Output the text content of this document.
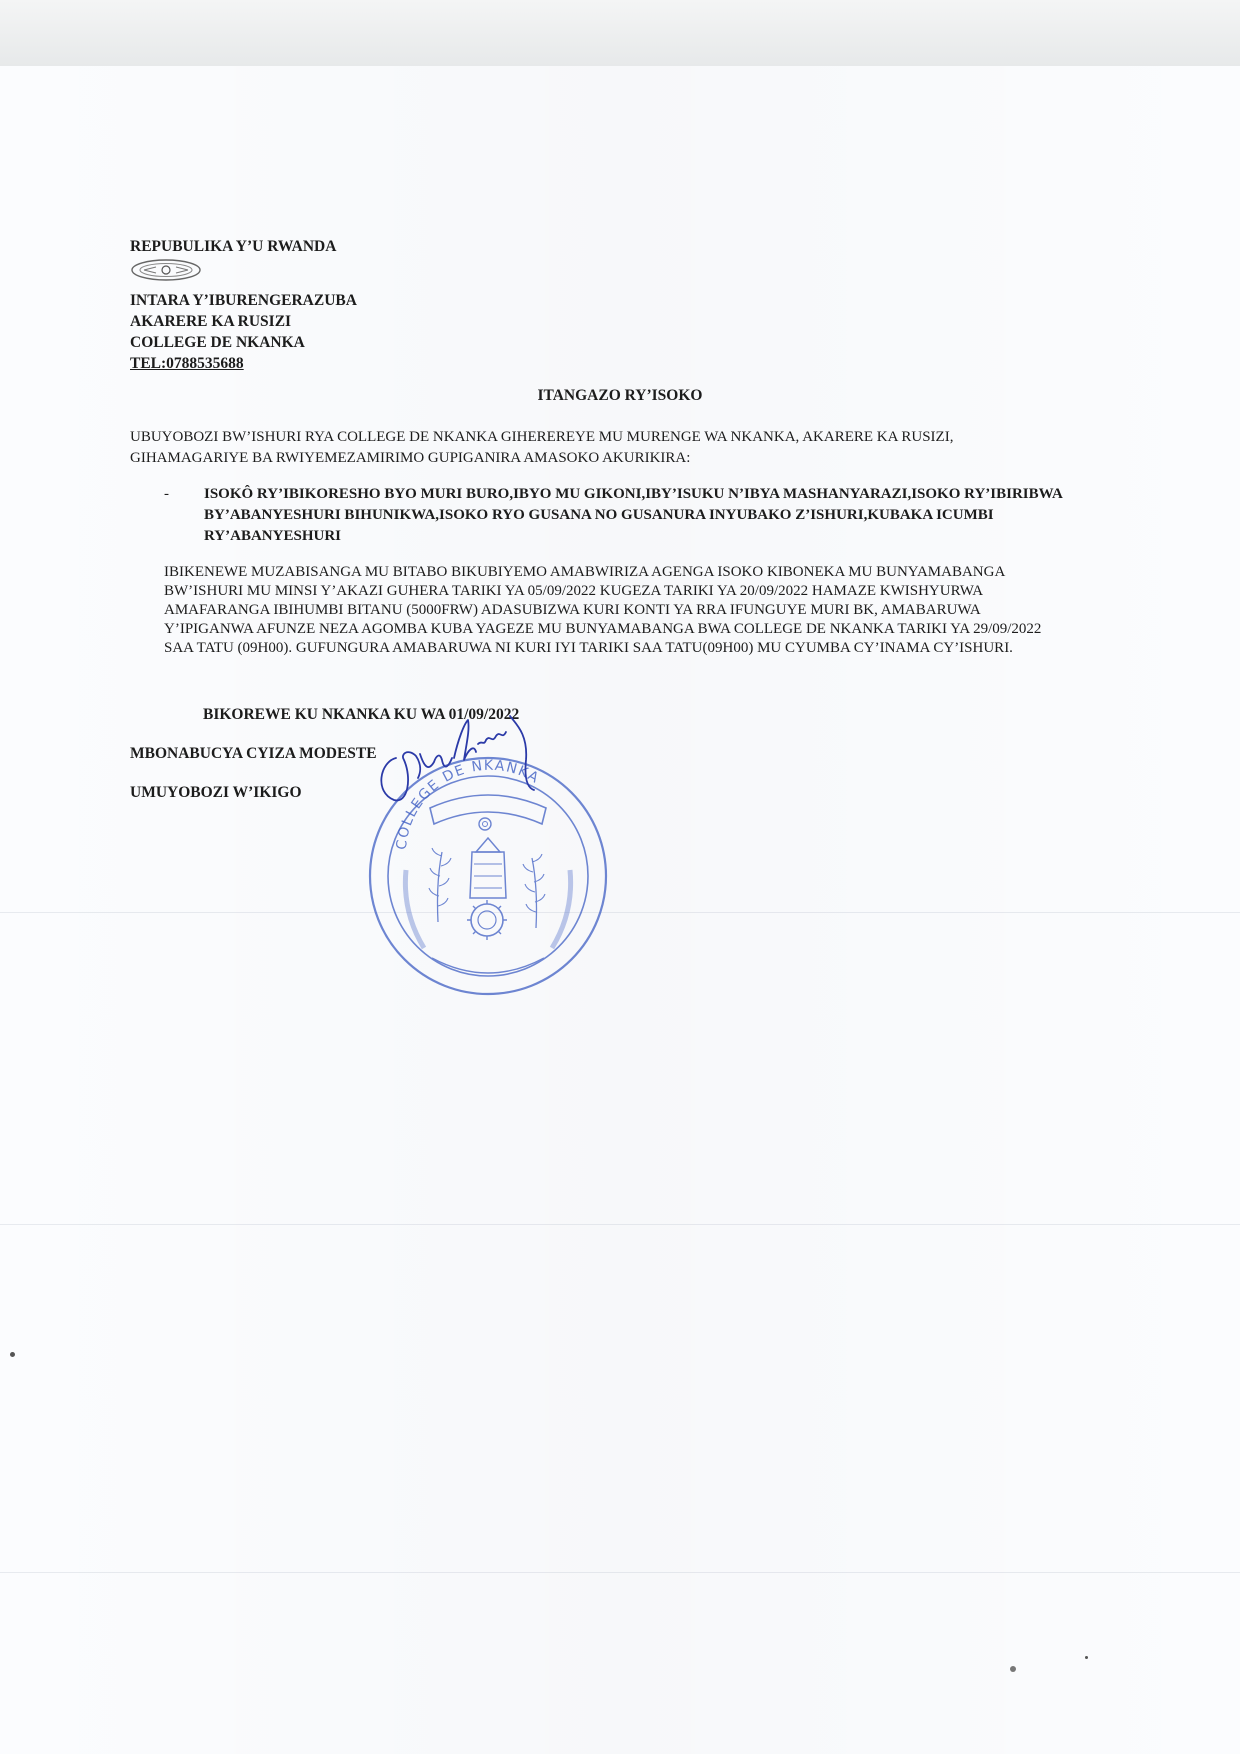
REPUBULIKA Y’U RWANDA
INTARA Y’IBURENGERAZUBA
AKARERE KA RUSIZI
COLLEGE DE NKANKA
TEL:0788535688
ITANGAZO RY’ISOKO
UBUYOBOZI BW’ISHURI RYA COLLEGE DE NKANKA GIHEREREYE MU MURENGE WA NKANKA, AKARERE KA RUSIZI, GIHAMAGARIYE BA RWIYEMEZAMIRIMO GUPIGANIRA AMASOKO AKURIKIRA:
- ISOKÔ RY’IBIKORESHO BYO MURI BURO,IBYO MU GIKONI,IBY’ISUKU N’IBYA MASHANYARAZI,ISOKO RY’IBIRIBWA BY’ABANYESHURI BIHUNIKWA,ISOKO RYO GUSANA NO GUSANURA INYUBAKO Z’ISHURI,KUBAKA ICUMBI RY’ABANYESHURI
IBIKENEWE MUZABISANGA MU BITABO BIKUBIYEMO AMABWIRIZA AGENGA ISOKO KIBONEKA MU BUNYAMABANGA BW’ISHURI MU MINSI Y’AKAZI GUHERA TARIKI YA 05/09/2022 KUGEZA TARIKI YA 20/09/2022 HAMAZE KWISHYURWA AMAFARANGA IBIHUMBI BITANU (5000FRW) ADASUBIZWA KURI KONTI YA RRA IFUNGUYE MURI BK, AMABARUWA Y’IPIGANWA AFUNZE NEZA AGOMBA KUBA YAGEZE MU BUNYAMABANGA BWA COLLEGE DE NKANKA TARIKI YA 29/09/2022 SAA TATU (09H00). GUFUNGURA AMABARUWA NI KURI IYI TARIKI SAA TATU(09H00) MU CYUMBA CY’INAMA CY’ISHURI.
BIKOREWE KU NKANKA KU WA 01/09/2022
MBONABUCYA CYIZA MODESTE
UMUYOBOZI W’IKIGO
COLLEGE DE NKANKA
